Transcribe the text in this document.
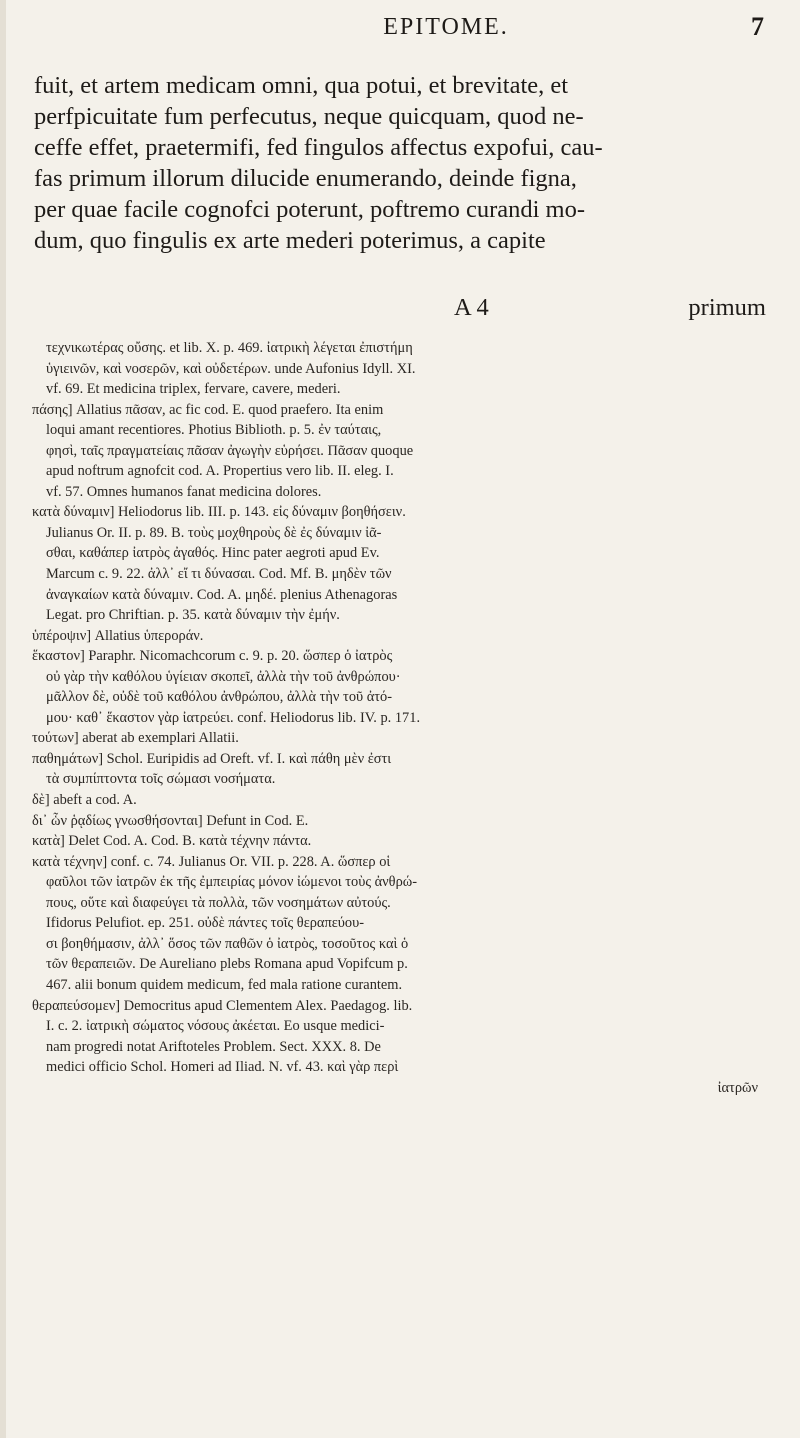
EPITOME.	7
fuit, et artem medicam omni, qua potui, et brevitate, et
perfpicuitate fum perfecutus, neque quicquam, quod ne-
ceffe effet, praetermifi, fed fingulos affectus expofui, cau-
fas primum illorum dilucide enumerando, deinde figna,
per quae facile cognofci poterunt, poftremo curandi mo-
dum, quo fingulis ex arte mederi poterimus, a capite
A 4	primum
τεχνικωτέρας οὔσης. et lib. X. p. 469. ἰατρικὴ λέγεται ἐπιστήμη
ὑγιεινῶν, καὶ νοσερῶν, καὶ οὐδετέρων. unde Aufonius Idyll. XI.
vf. 69. Et medicina triplex, fervare, cavere, mederi.
πάσης] Allatius πᾶσαν, ac fic cod. E. quod praefero. Ita enim
loqui amant recentiores. Photius Biblioth. p. 5. ἐν ταύταις,
φησὶ, ταῖς πραγματείαις πᾶσαν ἀγωγὴν εὑρήσει. Πᾶσαν quoque
apud noftrum agnofcit cod. A. Propertius vero lib. II. eleg. I.
vf. 57. Omnes humanos fanat medicina dolores.
κατὰ δύναμιν] Heliodorus lib. III. p. 143. εἰς δύναμιν βοηθήσειν.
Julianus Or. II. p. 89. B. τοὺς μοχθηροὺς δὲ ἐς δύναμιν ἰᾶ-
σθαι, καθάπερ ἰατρὸς ἀγαθός. Hinc pater aegroti apud Ev.
Marcum c. 9. 22. ἀλλ᾽ εἴ τι δύνασαι. Cod. Mf. B. μηδὲν τῶν
ἀναγκαίων κατὰ δύναμιν. Cod. A. μηδέ. plenius Athenagoras
Legat. pro Chriftian. p. 35. κατὰ δύναμιν τὴν ἐμήν.
ὑπέροψιν] Allatius ὑπεροράν.
ἕκαστον] Paraphr. Nicomachcorum c. 9. p. 20. ὥσπερ ὁ ἰατρὸς
οὐ γὰρ τὴν καθόλου ὑγίειαν σκοπεῖ, ἀλλὰ τὴν τοῦ ἀνθρώπου·
μᾶλλον δὲ, οὐδὲ τοῦ καθόλου ἀνθρώπου, ἀλλὰ τὴν τοῦ ἀτό-
μου· καθ᾽ ἕκαστον γὰρ ἰατρεύει. conf. Heliodorus lib. IV. p. 171.
τούτων] aberat ab exemplari Allatii.
παθημάτων] Schol. Euripidis ad Oreft. vf. I. καὶ πάθη μὲν ἐστι
τὰ συμπίπτοντα τοῖς σώμασι νοσήματα.
δὲ] abeft a cod. A.
δι᾽ ὧν ῥᾳδίως γνωσθήσονται] Defunt in Cod. E.
κατὰ] Delet Cod. A. Cod. B. κατὰ τέχνην πάντα.
κατὰ τέχνην] conf. c. 74. Julianus Or. VII. p. 228. A. ὥσπερ οἱ
φαῦλοι τῶν ἰατρῶν ἐκ τῆς ἐμπειρίας μόνον ἰώμενοι τοὺς ἀνθρώ-
πους, οὕτε καὶ διαφεύγει τὰ πολλὰ, τῶν νοσημάτων αὐτούς.
Ifidorus Pelufiot. ep. 251. οὐδὲ πάντες τοῖς θεραπεύου-
σι βοηθήμασιν, ἀλλ᾽ ὅσος τῶν παθῶν ὁ ἰατρὸς, τοσοῦτος καὶ ὁ
τῶν θεραπειῶν. De Aureliano plebs Romana apud Vopifcum p.
467. alii bonum quidem medicum, fed mala ratione curantem.
θεραπεύσομεν] Democritus apud Clementem Alex. Paedagog. lib.
I. c. 2. ἰατρικὴ σώματος νόσους ἀκέεται. Eo usque medici-
nam progredi notat Ariftoteles Problem. Sect. XXX. 8. De
medici officio Schol. Homeri ad Iliad. N. vf. 43. καὶ γὰρ περὶ
ἰατρῶν
